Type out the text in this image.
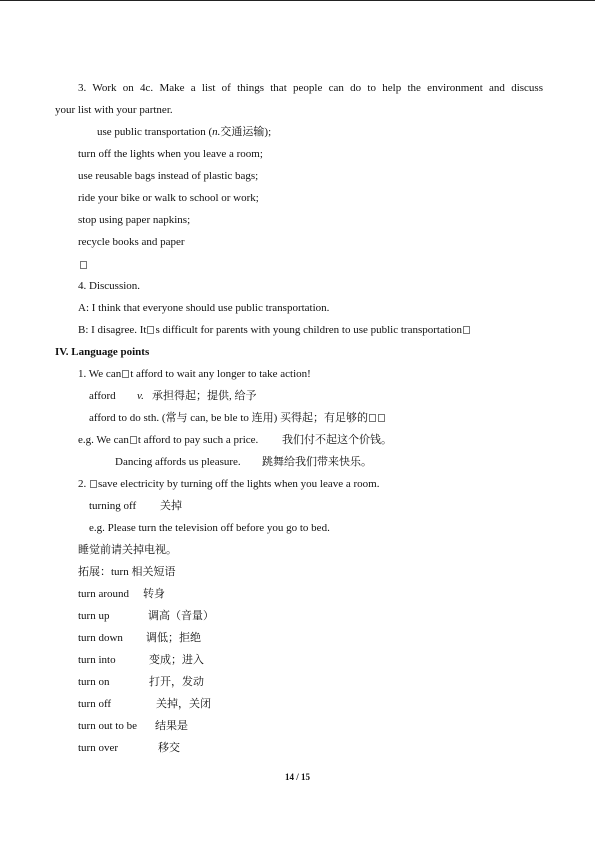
3. Work on 4c. Make a list of things that people can do to help the environment and discuss
your list with your partner.
use public transportation (n.交通运输);
turn off the lights when you leave a room;
use reusable bags instead of plastic bags;
ride your bike or walk to school or work;
stop using paper napkins;
recycle books and paper
4. Discussion.
A: I think that everyone should use public transportation.
B: I disagree. It s difficult for parents with young children to use public transportation
IV. Language points
1. We can t afford to wait any longer to take action!
afford v. 承担得起；提供, 给予
afford to do sth. (常与 can, be ble to 连用) 买得起；有足够的
e.g. We can t afford to pay such a price. 我们付不起这个价钱。
Dancing affords us pleasure. 跳舞给我们带来快乐。
2. save electricity by turning off the lights when you leave a room.
turning off 关掉
e.g. Please turn the television off before you go to bed.
睡觉前请关掉电视。
拓展：turn 相关短语
turn around 转身
turn up	调高（音量）
turn down 调低；拒绝
turn into	变成；进入
turn on	打开，发动
turn off	关掉，关闭
turn out to be 结果是
turn over	移交
14 / 15
